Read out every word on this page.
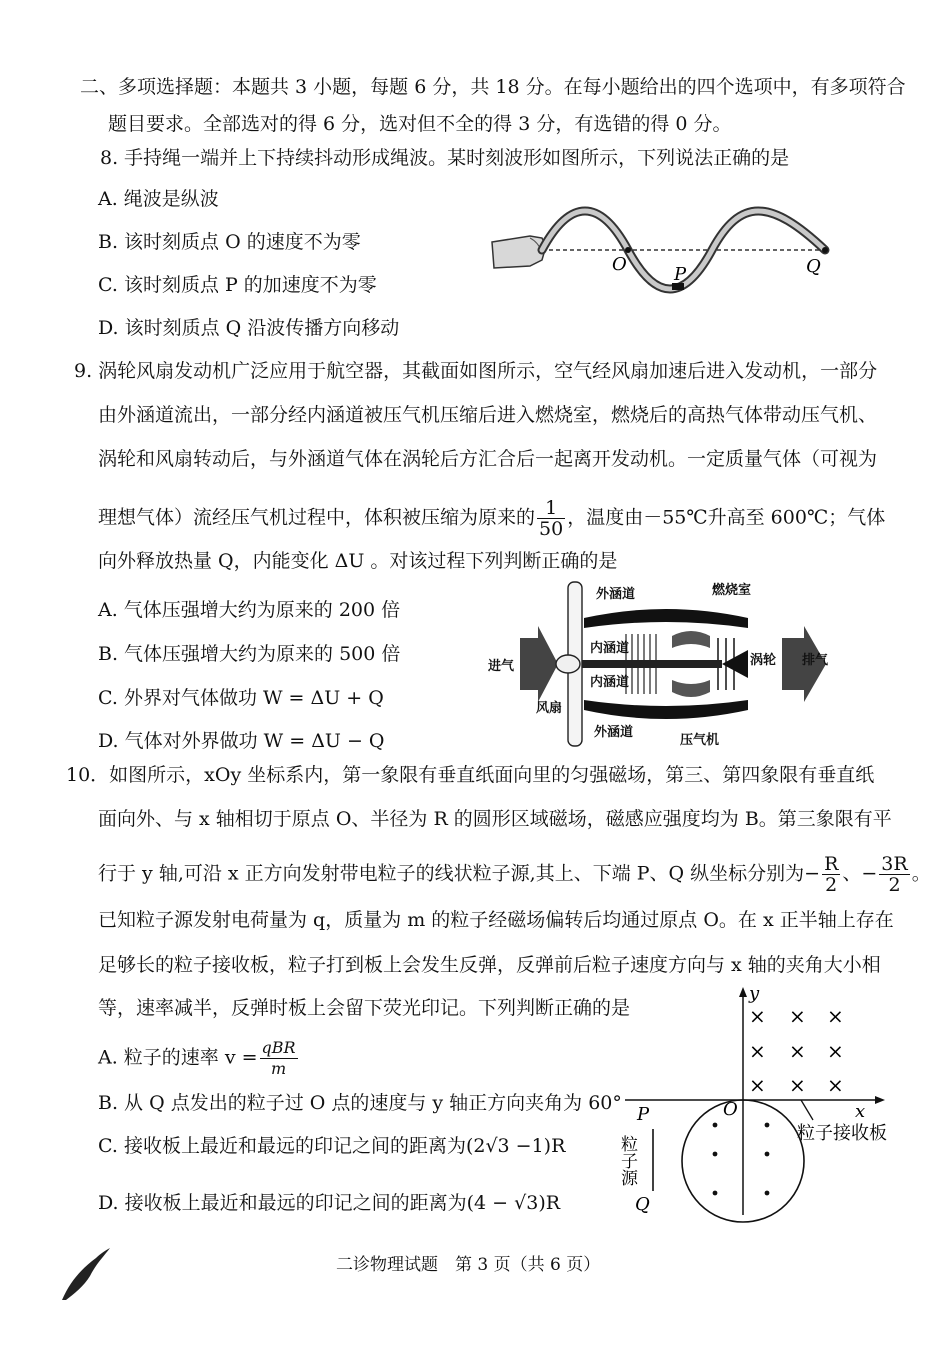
二、多项选择题：本题共 3 小题，每题 6 分，共 18 分。在每小题给出的四个选项中，有多项符合
题目要求。全部选对的得 6 分，选对但不全的得 3 分，有选错的得 0 分。
8. 手持绳一端并上下持续抖动形成绳波。某时刻波形如图所示，下列说法正确的是
A. 绳波是纵波
B. 该时刻质点 O 的速度不为零
C. 该时刻质点 P 的加速度不为零
D. 该时刻质点 Q 沿波传播方向移动
O	P	Q
9. 涡轮风扇发动机广泛应用于航空器，其截面如图所示，空气经风扇加速后进入发动机，一部分
由外涵道流出，一部分经内涵道被压气机压缩后进入燃烧室，燃烧后的高热气体带动压气机、
涡轮和风扇转动后，与外涵道气体在涡轮后方汇合后一起离开发动机。一定质量气体（可视为
理想气体）流经压气机过程中，体积被压缩为原来的 $\frac{1}{50}$ ，温度由－55℃升高至 600℃；气体
向外释放热量 Q，内能变化 ΔU 。对该过程下列判断正确的是
A. 气体压强增大约为原来的 200 倍
B. 气体压强增大约为原来的 500 倍
C. 外界对气体做功 W = ΔU + Q
D. 气体对外界做功 W = ΔU − Q
外涵道	燃烧室
内涵道
内涵道
进气	涡轮 排气
风扇
外涵道
压气机
10．如图所示，xOy 坐标系内，第一象限有垂直纸面向里的匀强磁场，第三、第四象限有垂直纸
面向外、与 x 轴相切于原点 O、半径为 R 的圆形区域磁场，磁感应强度均为 B。第三象限有平
行于 y 轴,可沿 x 正方向发射带电粒子的线状粒子源,其上、下端 P、Q 纵坐标分别为− $\frac{R}{2}$ 、− $\frac{3R}{2}$ 。
已知粒子源发射电荷量为 q，质量为 m 的粒子经磁场偏转后均通过原点 O。在 x 正半轴上存在
足够长的粒子接收板，粒子打到板上会发生反弹，反弹前后粒子速度方向与 x 轴的夹角大小相
等，速率减半，反弹时板上会留下荧光印记。下列判断正确的是
A. 粒子的速率 $v = \frac{\text{qBR}}{m}$
B. 从 Q 点发出的粒子过 O 点的速度与 y 轴正方向夹角为 60°
C. 接收板上最近和最远的印记之间的距离为(2√3 −1)R
D. 接收板上最近和最远的印记之间的距离为(4 − √3)R
y
x
O
× × ×
× × ×
× × ×
P
Q
粒子源
粒子接收板
二诊物理试题　第 3 页（共 6 页）
